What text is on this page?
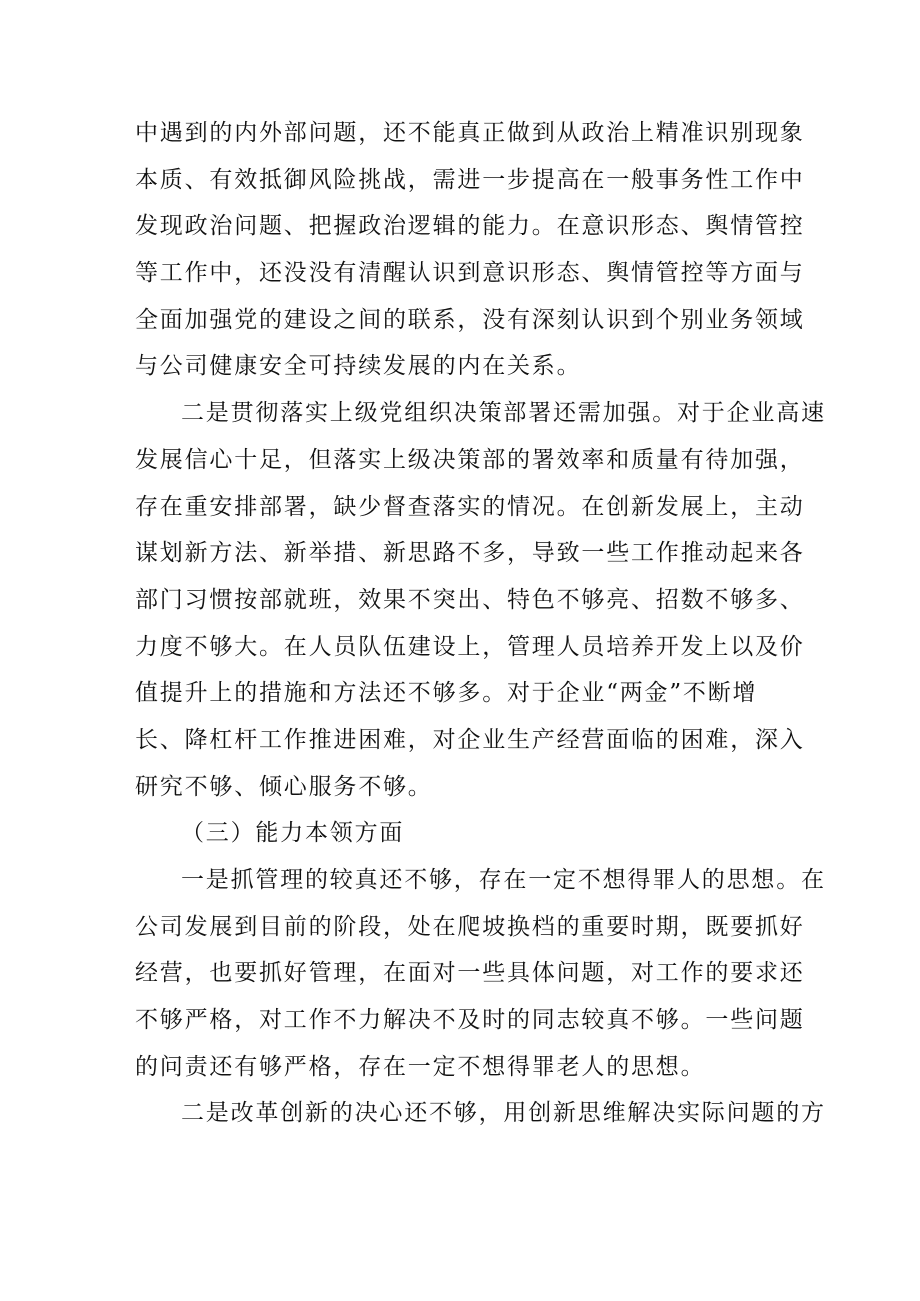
中遇到的内外部问题，还不能真正做到从政治上精准识别现象
本质、有效抵御风险挑战，需进一步提高在一般事务性工作中
发现政治问题、把握政治逻辑的能力。在意识形态、舆情管控
等工作中，还没没有清醒认识到意识形态、舆情管控等方面与
全面加强党的建设之间的联系，没有深刻认识到个别业务领域
与公司健康安全可持续发展的内在关系。
二是贯彻落实上级党组织决策部署还需加强。对于企业高速
发展信心十足，但落实上级决策部的署效率和质量有待加强，
存在重安排部署，缺少督查落实的情况。在创新发展上，主动
谋划新方法、新举措、新思路不多，导致一些工作推动起来各
部门习惯按部就班，效果不突出、特色不够亮、招数不够多、
力度不够大。在人员队伍建设上，管理人员培养开发上以及价
值提升上的措施和方法还不够多。对于企业“两金”不断增
长、降杠杆工作推进困难，对企业生产经营面临的困难，深入
研究不够、倾心服务不够。
（三）能力本领方面
一是抓管理的较真还不够，存在一定不想得罪人的思想。在
公司发展到目前的阶段，处在爬坡换档的重要时期，既要抓好
经营，也要抓好管理，在面对一些具体问题，对工作的要求还
不够严格，对工作不力解决不及时的同志较真不够。一些问题
的问责还有够严格，存在一定不想得罪老人的思想。
二是改革创新的决心还不够，用创新思维解决实际问题的方
